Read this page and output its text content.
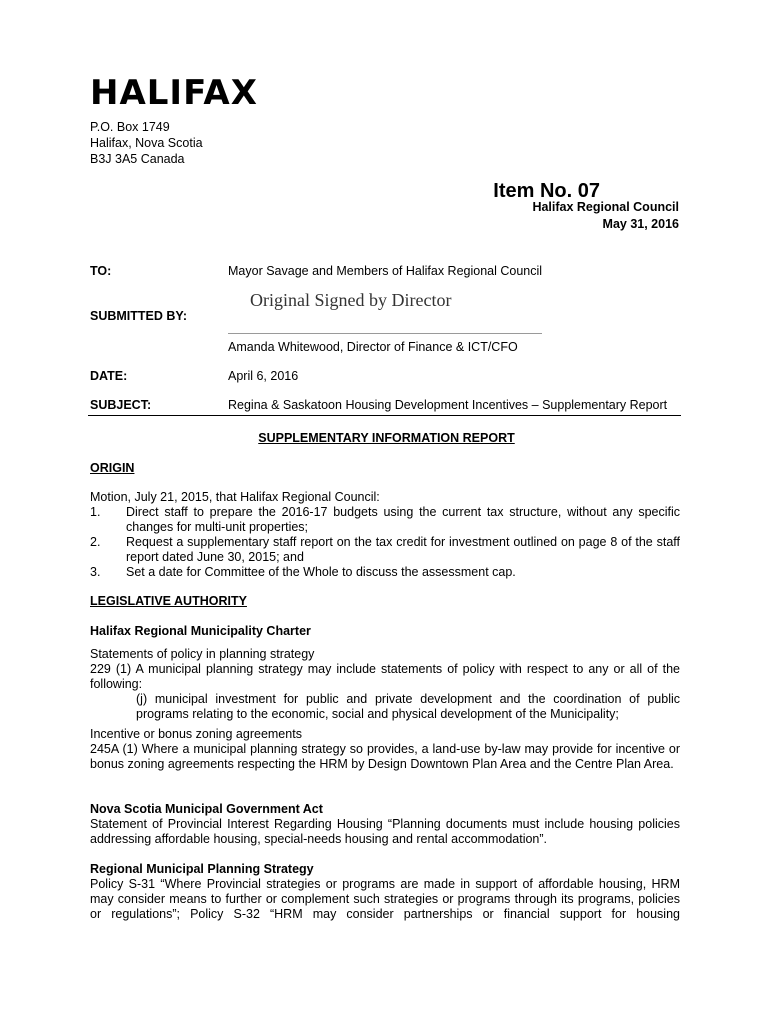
HALIFAX
P.O. Box 1749
Halifax, Nova Scotia
B3J 3A5 Canada
Item No. 07
Halifax Regional Council
May 31, 2016
TO:	Mayor Savage and Members of Halifax Regional Council
SUBMITTED BY:
Original Signed by Director
Amanda Whitewood, Director of Finance & ICT/CFO
DATE:	April 6, 2016
SUBJECT:	Regina & Saskatoon Housing Development Incentives – Supplementary Report
SUPPLEMENTARY INFORMATION REPORT
ORIGIN
Motion, July 21, 2015, that Halifax Regional Council:
1. Direct staff to prepare the 2016-17 budgets using the current tax structure, without any specific changes for multi-unit properties;
2. Request a supplementary staff report on the tax credit for investment outlined on page 8 of the staff report dated June 30, 2015; and
3. Set a date for Committee of the Whole to discuss the assessment cap.
LEGISLATIVE AUTHORITY
Halifax Regional Municipality Charter
Statements of policy in planning strategy
229 (1) A municipal planning strategy may include statements of policy with respect to any or all of the following:
(j) municipal investment for public and private development and the coordination of public programs relating to the economic, social and physical development of the Municipality;
Incentive or bonus zoning agreements
245A (1) Where a municipal planning strategy so provides, a land-use by-law may provide for incentive or bonus zoning agreements respecting the HRM by Design Downtown Plan Area and the Centre Plan Area.
Nova Scotia Municipal Government Act
Statement of Provincial Interest Regarding Housing “Planning documents must include housing policies addressing affordable housing, special-needs housing and rental accommodation”.
Regional Municipal Planning Strategy
Policy S-31 “Where Provincial strategies or programs are made in support of affordable housing, HRM may consider means to further or complement such strategies or programs through its programs, policies or regulations”; Policy S-32 “HRM may consider partnerships or financial support for housing
